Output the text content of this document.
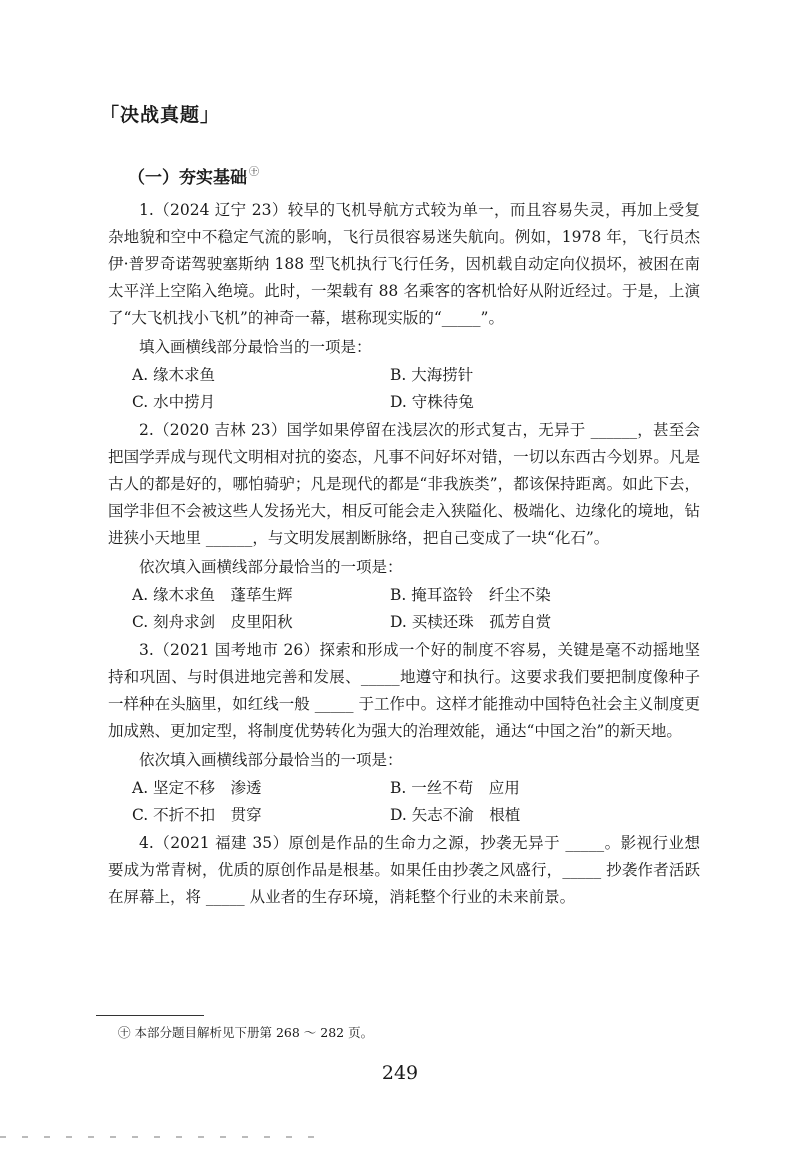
「决战真题」
（一）夯实基础 $^㊉$

1.（2024 辽宁 23）较早的飞机导航方式较为单一，而且容易失灵，再加上受复杂地貌和空中不稳定气流的影响，飞行员很容易迷失航向。例如，1978 年，飞行员杰伊·普罗奇诺驾驶塞斯纳 188 型飞机执行飞行任务，因机载自动定向仪损坏，被困在南太平洋上空陷入绝境。此时，一架载有 88 名乘客的客机恰好从附近经过。于是，上演了“大飞机找小飞机”的神奇一幕，堪称现实版的“_____”。

填入画横线部分最恰当的一项是：

A. 缘木求鱼	B. 大海捞针
C. 水中捞月	D. 守株待兔

2.（2020 吉林 23）国学如果停留在浅层次的形式复古，无异于 ______，甚至会把国学弄成与现代文明相对抗的姿态，凡事不问好坏对错，一切以东西古今划界。凡是古人的都是好的，哪怕骑驴；凡是现代的都是“非我族类”，都该保持距离。如此下去，国学非但不会被这些人发扬光大，相反可能会走入狭隘化、极端化、边缘化的境地，钻进狭小天地里 ______，与文明发展割断脉络，把自己变成了一块“化石”。

依次填入画横线部分最恰当的一项是：

A. 缘木求鱼　蓬荜生辉	B. 掩耳盗铃　纤尘不染
C. 刻舟求剑　皮里阳秋	D. 买椟还珠　孤芳自赏

3.（2021 国考地市 26）探索和形成一个好的制度不容易，关键是毫不动摇地坚持和巩固、与时俱进地完善和发展、_____地遵守和执行。这要求我们要把制度像种子一样种在头脑里，如红线一般 _____ 于工作中。这样才能推动中国特色社会主义制度更加成熟、更加定型，将制度优势转化为强大的治理效能，通达“中国之治”的新天地。

依次填入画横线部分最恰当的一项是：

A. 坚定不移　渗透	B. 一丝不苟　应用
C. 不折不扣　贯穿	D. 矢志不渝　根植

4.（2021 福建 35）原创是作品的生命力之源，抄袭无异于 _____。影视行业想要成为常青树，优质的原创作品是根基。如果任由抄袭之风盛行，_____ 抄袭作者活跃在屏幕上，将 _____ 从业者的生存环境，消耗整个行业的未来前景。

㊉ 本部分题目解析见下册第 268 ～ 282 页。
249
